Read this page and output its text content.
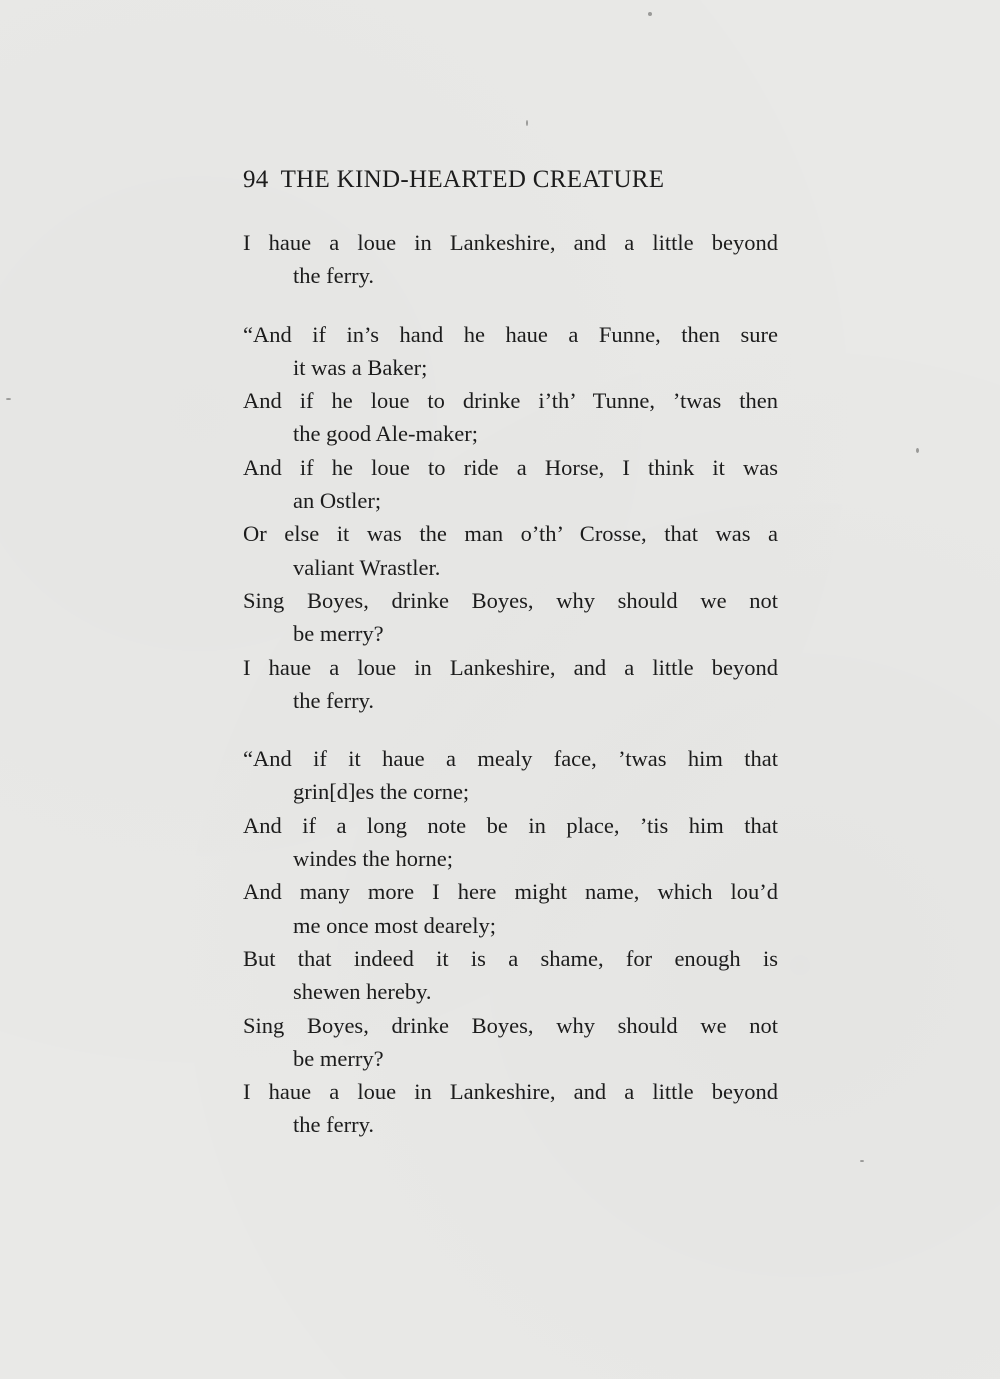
94 THE KIND-HEARTED CREATURE
I haue a loue in Lankeshire, and a little beyond
the ferry.
“And if in’s hand he haue a Funne, then sure
it was a Baker;
And if he loue to drinke i’th’ Tunne, ’twas then
the good Ale-maker;
And if he loue to ride a Horse, I think it was
an Ostler;
Or else it was the man o’th’ Crosse, that was a
valiant Wrastler.
Sing Boyes, drinke Boyes, why should we not
be merry?
I haue a loue in Lankeshire, and a little beyond
the ferry.
“And if it haue a mealy face, ’twas him that
grin[d]es the corne;
And if a long note be in place, ’tis him that
windes the horne;
And many more I here might name, which lou’d
me once most dearely;
But that indeed it is a shame, for enough is
shewen hereby.
Sing Boyes, drinke Boyes, why should we not
be merry?
I haue a loue in Lankeshire, and a little beyond
the ferry.
